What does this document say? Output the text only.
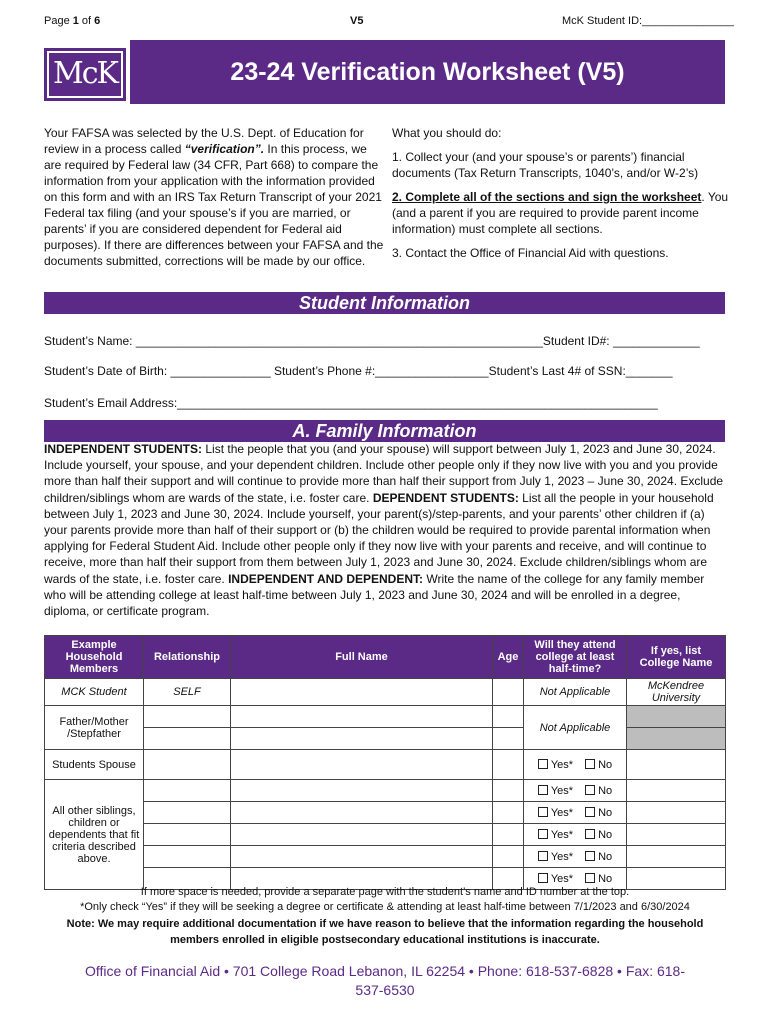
Page 1 of 6	V5	McK Student ID:_______________
McK	23-24 Verification Worksheet (V5)
Your FAFSA was selected by the U.S. Dept. of Education for review in a process called “verification”. In this process, we are required by Federal law (34 CFR, Part 668) to compare the information from your application with the information provided on this form and with an IRS Tax Return Transcript of your 2021 Federal tax filing (and your spouse’s if you are married, or parents’ if you are considered dependent for Federal aid purposes). If there are differences between your FAFSA and the documents submitted, corrections will be made by our office.

What you should do:

1. Collect your (and your spouse’s or parents’) financial documents (Tax Return Transcripts, 1040’s, and/or W-2’s)

2. Complete all of the sections and sign the worksheet. You (and a parent if you are required to provide parent income information) must complete all sections.

3. Contact the Office of Financial Aid with questions.

Student Information
Student’s Name: _____________________________________________________________Student ID#: _____________
Student’s Date of Birth: _______________ Student’s Phone #:_________________Student’s Last 4# of SSN:_______
Student’s Email Address:________________________________________________________________________
A. Family Information
INDEPENDENT STUDENTS: List the people that you (and your spouse) will support between July 1, 2023 and June 30, 2024. Include yourself, your spouse, and your dependent children. Include other people only if they now live with you and you provide more than half their support and will continue to provide more than half their support from July 1, 2023 – June 30, 2024. Exclude children/siblings whom are wards of the state, i.e. foster care. DEPENDENT STUDENTS: List all the people in your household between July 1, 2023 and June 30, 2024. Include yourself, your parent(s)/step-parents, and your parents’ other children if (a) your parents provide more than half of their support or (b) the children would be required to provide parental information when applying for Federal Student Aid. Include other people only if they now live with your parents and receive, and will continue to receive, more than half their support from them between July 1, 2023 and June 30, 2024. Exclude children/siblings whom are wards of the state, i.e. foster care. INDEPENDENT AND DEPENDENT: Write the name of the college for any family member who will be attending college at least half-time between July 1, 2023 and June 30, 2024 and will be enrolled in a degree, diploma, or certificate program.
Example Household Members	Relationship	Full Name	Age	Will they attend college at least half-time?	If yes, list College Name
MCK Student	SELF			Not Applicable	McKendree University
Father/Mother /Stepfather				Not Applicable	

Students Spouse				Yes* No	
All other siblings, children or dependents that fit criteria described above.				Yes* No	
				Yes* No	
				Yes* No	
				Yes* No	
				Yes* No	
If more space is needed, provide a separate page with the student’s name and ID number at the top.
*Only check “Yes” if they will be seeking a degree or certificate & attending at least half-time between 7/1/2023 and 6/30/2024
Note: We may require additional documentation if we have reason to believe that the information regarding the household members enrolled in eligible postsecondary educational institutions is inaccurate.
Office of Financial Aid • 701 College Road Lebanon, IL 62254 • Phone: 618-537-6828 • Fax: 618-537-6530
